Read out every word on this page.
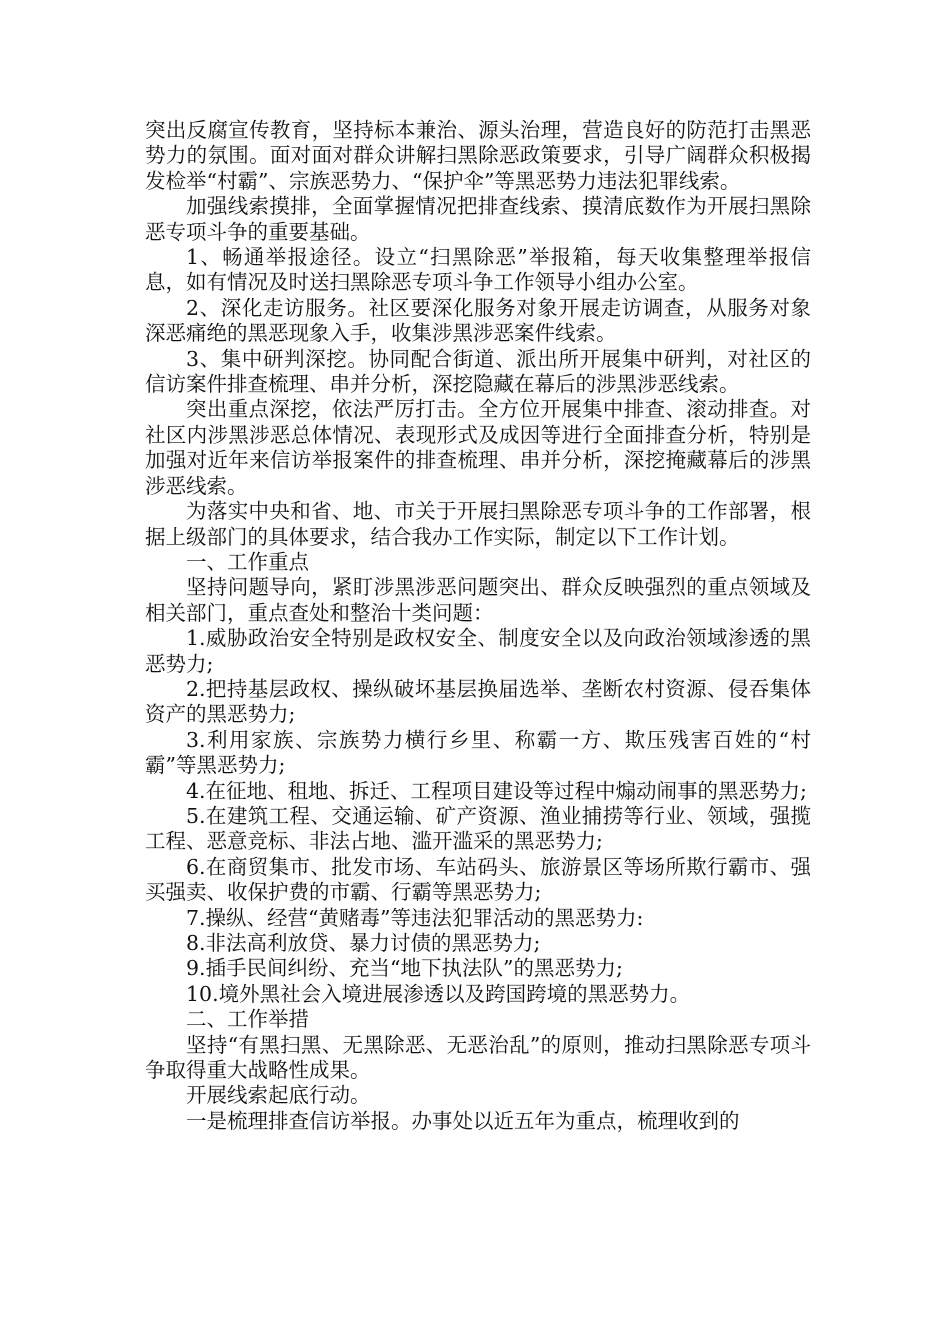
突出反腐宣传教育，坚持标本兼治、源头治理，营造良好的防范打击黑恶势力的氛围。面对面对群众讲解扫黑除恶政策要求，引导广阔群众积极揭发检举“村霸”、宗族恶势力、“保护伞”等黑恶势力违法犯罪线索。

加强线索摸排，全面掌握情况把排查线索、摸清底数作为开展扫黑除恶专项斗争的重要基础。

1、畅通举报途径。设立“扫黑除恶”举报箱，每天收集整理举报信息，如有情况及时送扫黑除恶专项斗争工作领导小组办公室。

2、深化走访服务。社区要深化服务对象开展走访调查，从服务对象深恶痛绝的黑恶现象入手，收集涉黑涉恶案件线索。

3、集中研判深挖。协同配合街道、派出所开展集中研判，对社区的信访案件排查梳理、串并分析，深挖隐藏在幕后的涉黑涉恶线索。

突出重点深挖，依法严厉打击。全方位开展集中排查、滚动排查。对社区内涉黑涉恶总体情况、表现形式及成因等进行全面排查分析，特别是加强对近年来信访举报案件的排查梳理、串并分析，深挖掩藏幕后的涉黑涉恶线索。

为落实中央和省、地、市关于开展扫黑除恶专项斗争的工作部署，根据上级部门的具体要求，结合我办工作实际，制定以下工作计划。

一、工作重点

坚持问题导向，紧盯涉黑涉恶问题突出、群众反映强烈的重点领域及相关部门，重点查处和整治十类问题：

1.威胁政治安全特别是政权安全、制度安全以及向政治领域渗透的黑恶势力;

2.把持基层政权、操纵破坏基层换届选举、垄断农村资源、侵吞集体资产的黑恶势力;

3.利用家族、宗族势力横行乡里、称霸一方、欺压残害百姓的“村霸”等黑恶势力;

4.在征地、租地、拆迁、工程项目建设等过程中煽动闹事的黑恶势力;

5.在建筑工程、交通运输、矿产资源、渔业捕捞等行业、领域，强揽工程、恶意竞标、非法占地、滥开滥采的黑恶势力;

6.在商贸集市、批发市场、车站码头、旅游景区等场所欺行霸市、强买强卖、收保护费的市霸、行霸等黑恶势力;

7.操纵、经营“黄赌毒”等违法犯罪活动的黑恶势力:

8.非法高利放贷、暴力讨债的黑恶势力;

9.插手民间纠纷、充当“地下执法队”的黑恶势力;

10.境外黑社会入境进展渗透以及跨国跨境的黑恶势力。

二、工作举措

坚持“有黑扫黑、无黑除恶、无恶治乱”的原则，推动扫黑除恶专项斗争取得重大战略性成果。

开展线索起底行动。

一是梳理排查信访举报。办事处以近五年为重点，梳理收到的
